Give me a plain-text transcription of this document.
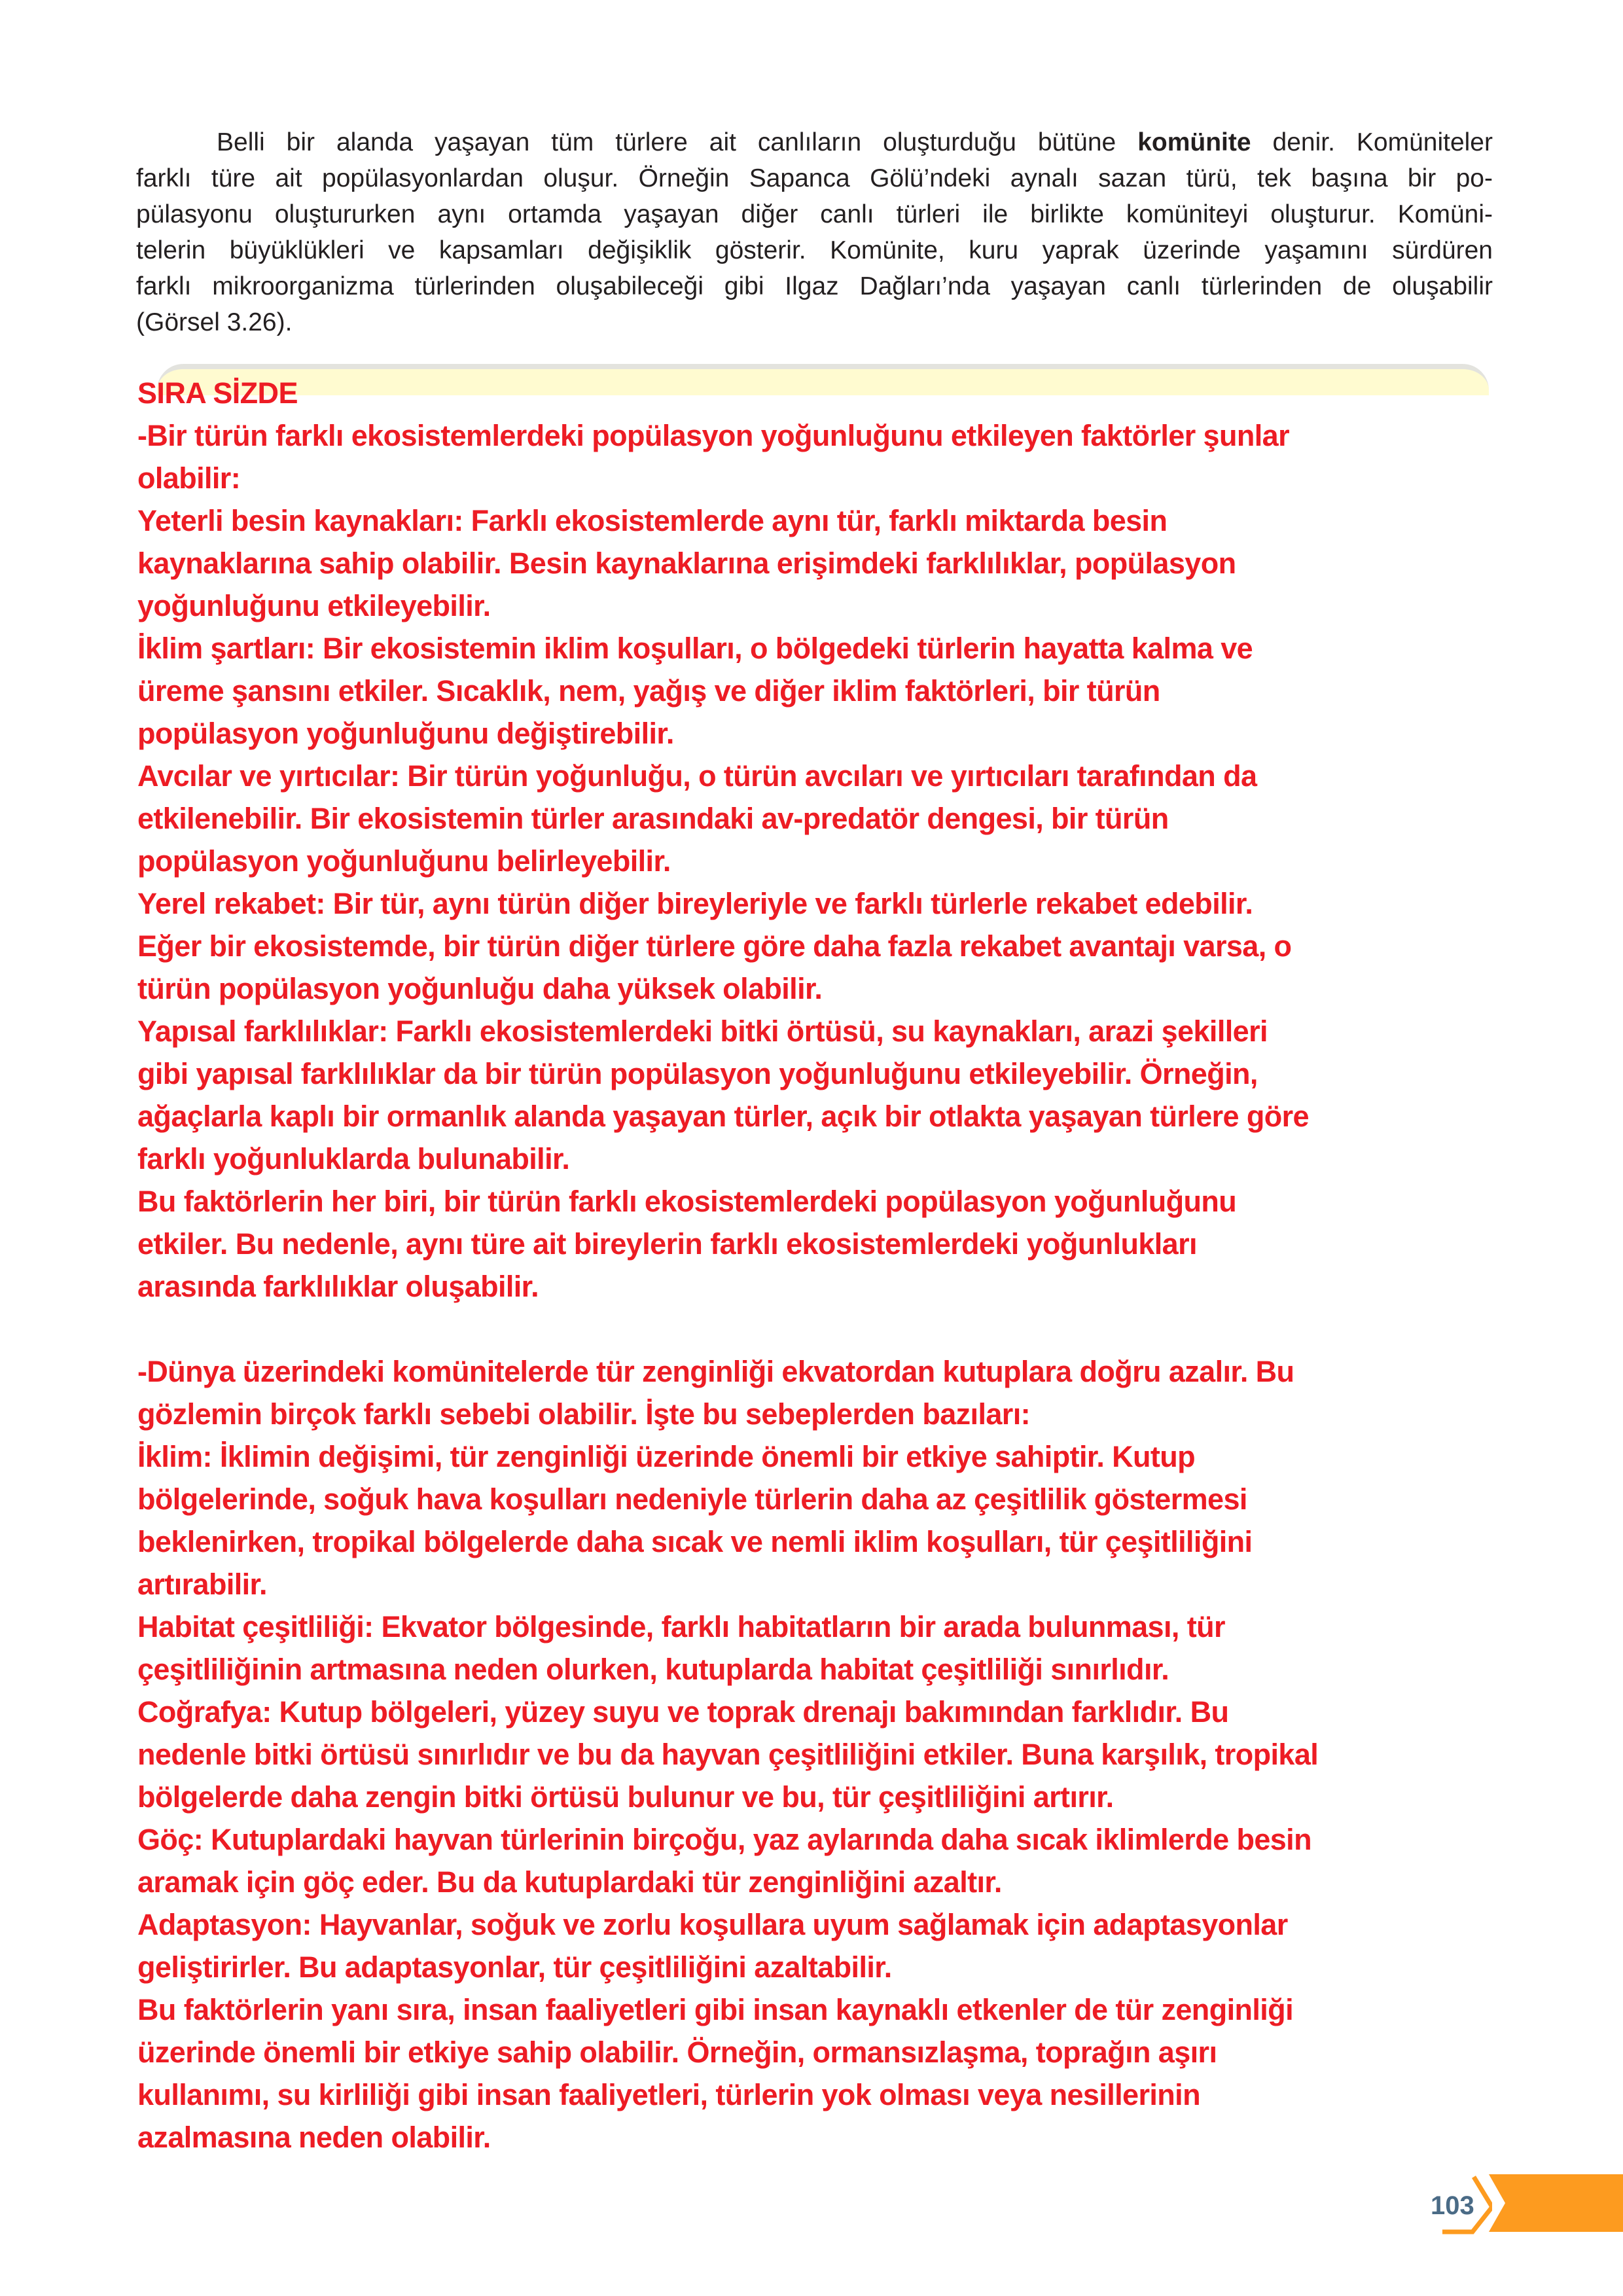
Belli bir alanda yaşayan tüm türlere ait canlıların oluşturduğu bütüne komünite denir. Komüniteler
farklı türe ait popülasyonlardan oluşur. Örneğin Sapanca Gölü’ndeki aynalı sazan türü, tek başına bir po-
pülasyonu oluştururken aynı ortamda yaşayan diğer canlı türleri ile birlikte komüniteyi oluşturur. Komüni-
telerin büyüklükleri ve kapsamları değişiklik gösterir. Komünite, kuru yaprak üzerinde yaşamını sürdüren
farklı mikroorganizma türlerinden oluşabileceği gibi Ilgaz Dağları’nda yaşayan canlı türlerinden de oluşabilir
(Görsel 3.26).
SIRA SİZDE
-Bir türün farklı ekosistemlerdeki popülasyon yoğunluğunu etkileyen faktörler şunlar
olabilir:
Yeterli besin kaynakları: Farklı ekosistemlerde aynı tür, farklı miktarda besin
kaynaklarına sahip olabilir. Besin kaynaklarına erişimdeki farklılıklar, popülasyon
yoğunluğunu etkileyebilir.
İklim şartları: Bir ekosistemin iklim koşulları, o bölgedeki türlerin hayatta kalma ve
üreme şansını etkiler. Sıcaklık, nem, yağış ve diğer iklim faktörleri, bir türün
popülasyon yoğunluğunu değiştirebilir.
Avcılar ve yırtıcılar: Bir türün yoğunluğu, o türün avcıları ve yırtıcıları tarafından da
etkilenebilir. Bir ekosistemin türler arasındaki av-predatör dengesi, bir türün
popülasyon yoğunluğunu belirleyebilir.
Yerel rekabet: Bir tür, aynı türün diğer bireyleriyle ve farklı türlerle rekabet edebilir.
Eğer bir ekosistemde, bir türün diğer türlere göre daha fazla rekabet avantajı varsa, o
türün popülasyon yoğunluğu daha yüksek olabilir.
Yapısal farklılıklar: Farklı ekosistemlerdeki bitki örtüsü, su kaynakları, arazi şekilleri
gibi yapısal farklılıklar da bir türün popülasyon yoğunluğunu etkileyebilir. Örneğin,
ağaçlarla kaplı bir ormanlık alanda yaşayan türler, açık bir otlakta yaşayan türlere göre
farklı yoğunluklarda bulunabilir.
Bu faktörlerin her biri, bir türün farklı ekosistemlerdeki popülasyon yoğunluğunu
etkiler. Bu nedenle, aynı türe ait bireylerin farklı ekosistemlerdeki yoğunlukları
arasında farklılıklar oluşabilir.
-Dünya üzerindeki komünitelerde tür zenginliği ekvatordan kutuplara doğru azalır. Bu
gözlemin birçok farklı sebebi olabilir. İşte bu sebeplerden bazıları:
İklim: İklimin değişimi, tür zenginliği üzerinde önemli bir etkiye sahiptir. Kutup
bölgelerinde, soğuk hava koşulları nedeniyle türlerin daha az çeşitlilik göstermesi
beklenirken, tropikal bölgelerde daha sıcak ve nemli iklim koşulları, tür çeşitliliğini
artırabilir.
Habitat çeşitliliği: Ekvator bölgesinde, farklı habitatların bir arada bulunması, tür
çeşitliliğinin artmasına neden olurken, kutuplarda habitat çeşitliliği sınırlıdır.
Coğrafya: Kutup bölgeleri, yüzey suyu ve toprak drenajı bakımından farklıdır. Bu
nedenle bitki örtüsü sınırlıdır ve bu da hayvan çeşitliliğini etkiler. Buna karşılık, tropikal
bölgelerde daha zengin bitki örtüsü bulunur ve bu, tür çeşitliliğini artırır.
Göç: Kutuplardaki hayvan türlerinin birçoğu, yaz aylarında daha sıcak iklimlerde besin
aramak için göç eder. Bu da kutuplardaki tür zenginliğini azaltır.
Adaptasyon: Hayvanlar, soğuk ve zorlu koşullara uyum sağlamak için adaptasyonlar
geliştirirler. Bu adaptasyonlar, tür çeşitliliğini azaltabilir.
Bu faktörlerin yanı sıra, insan faaliyetleri gibi insan kaynaklı etkenler de tür zenginliği
üzerinde önemli bir etkiye sahip olabilir. Örneğin, ormansızlaşma, toprağın aşırı
kullanımı, su kirliliği gibi insan faaliyetleri, türlerin yok olması veya nesillerinin
azalmasına neden olabilir.
103
